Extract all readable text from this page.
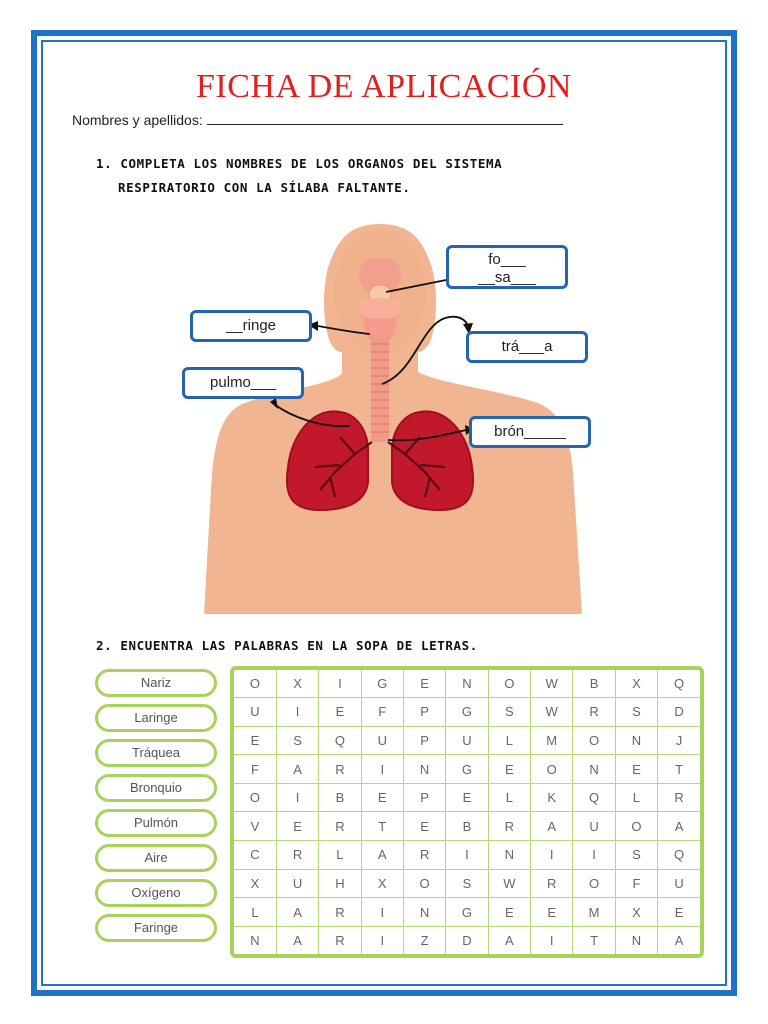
FICHA DE APLICACIÓN
Nombres y apellidos:
1. COMPLETA LOS NOMBRES DE LOS ORGANOS DEL SISTEMA
RESPIRATORIO CON LA SÍLABA FALTANTE.
fo___
__sa___
__ringe
trá___a
pulmo___
brón_____
2. ENCUENTRA LAS PALABRAS EN LA SOPA DE LETRAS.
Nariz
Laringe
Tráquea
Bronquio
Pulmón
Aire
Oxígeno
Faringe
O	X	I	G	E	N	O	W	B	X	Q
U	I	E	F	P	G	S	W	R	S	D
E	S	Q	U	P	U	L	M	O	N	J
F	A	R	I	N	G	E	O	N	E	T
O	I	B	E	P	E	L	K	Q	L	R
V	E	R	T	E	B	R	A	U	O	A
C	R	L	A	R	I	N	I	I	S	Q
X	U	H	X	O	S	W	R	O	F	U
L	A	R	I	N	G	E	E	M	X	E
N	A	R	I	Z	D	A	I	T	N	A
